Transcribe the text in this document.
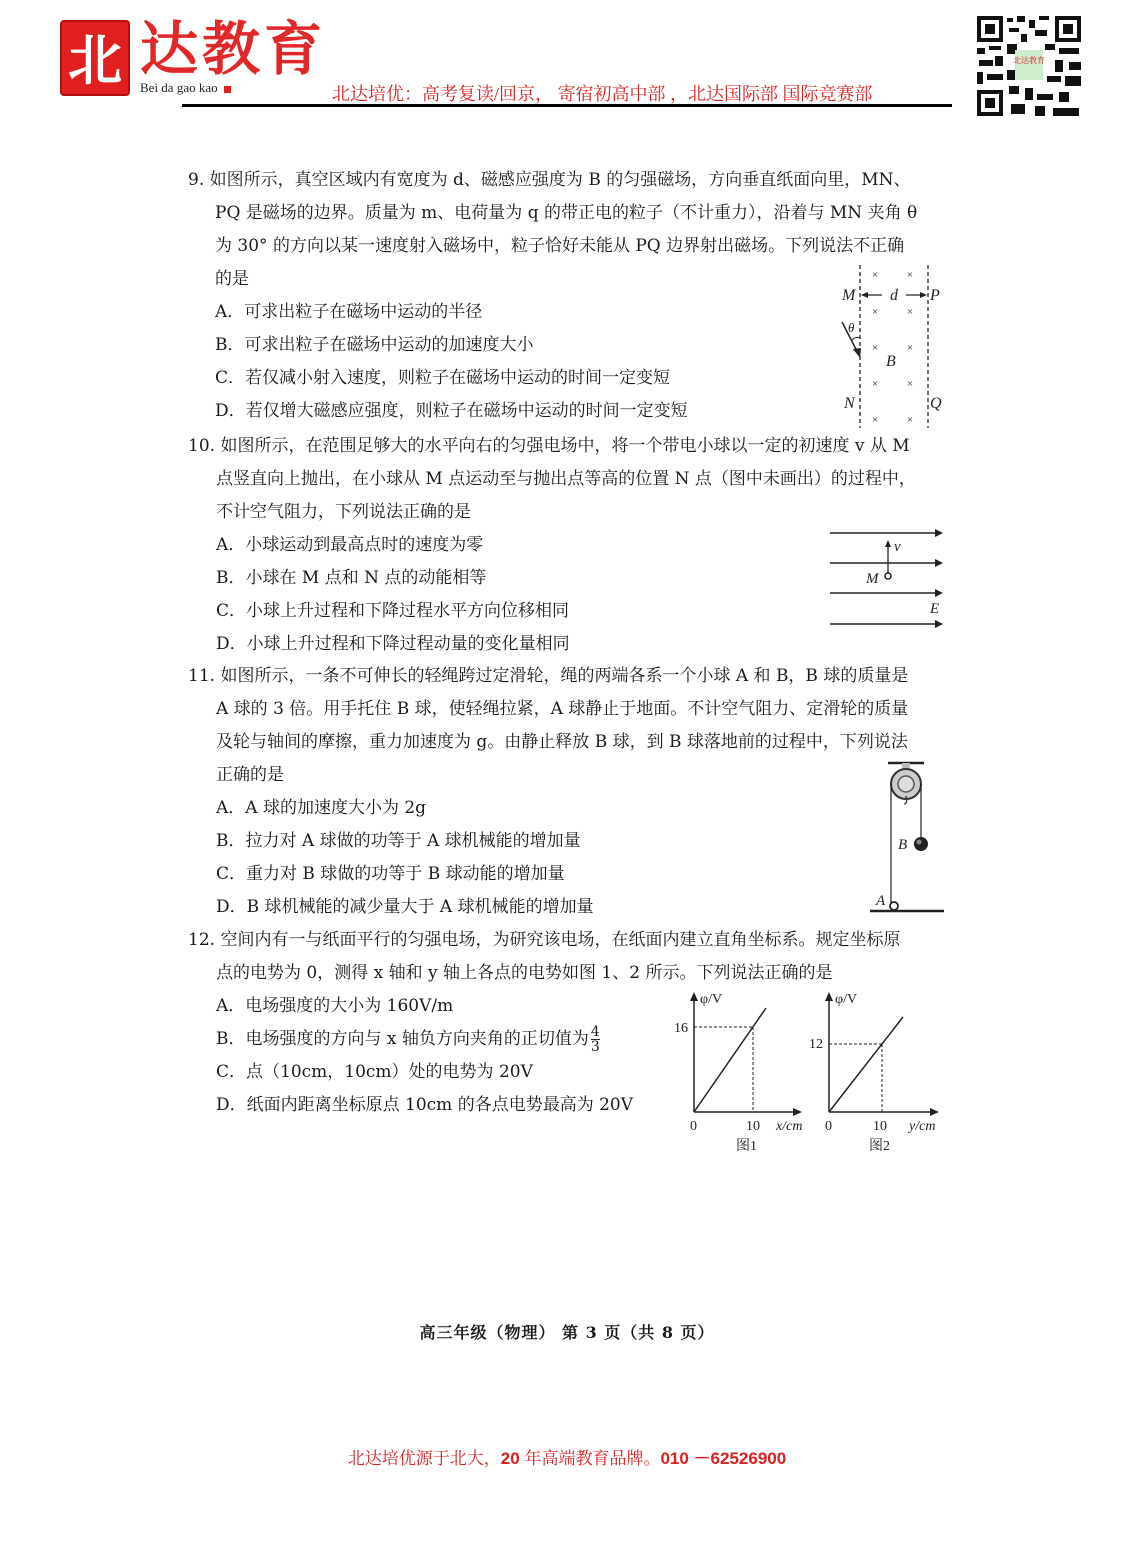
北 达教育
Bei da gao kao	北达培优：高考复读/回京， 寄宿初高中部 ，北达国际部 国际竞赛部
北达教育
9. 如图所示，真空区域内有宽度为 d、磁感应强度为 B 的匀强磁场，方向垂直纸面向里，MN、
PQ 是磁场的边界。质量为 m、电荷量为 q 的带正电的粒子（不计重力），沿着与 MN 夹角 θ
为 30° 的方向以某一速度射入磁场中，粒子恰好未能从 PQ 边界射出磁场。下列说法不正确
的是
A．可求出粒子在磁场中运动的半径
B．可求出粒子在磁场中运动的加速度大小
C．若仅减小射入速度，则粒子在磁场中运动的时间一定变短
D．若仅增大磁感应强度，则粒子在磁场中运动的时间一定变短
×	×
×	×
×	×
×	×
×	×
M	P
d
B
N	Q
θ
10. 如图所示，在范围足够大的水平向右的匀强电场中，将一个带电小球以一定的初速度 v 从 M
点竖直向上抛出，在小球从 M 点运动至与抛出点等高的位置 N 点（图中未画出）的过程中，
不计空气阻力，下列说法正确的是
A．小球运动到最高点时的速度为零
B．小球在 M 点和 N 点的动能相等
C．小球上升过程和下降过程水平方向位移相同
D．小球上升过程和下降过程动量的变化量相同
v
M
E
11. 如图所示，一条不可伸长的轻绳跨过定滑轮，绳的两端各系一个小球 A 和 B，B 球的质量是
A 球的 3 倍。用手托住 B 球，使轻绳拉紧，A 球静止于地面。不计空气阻力、定滑轮的质量
及轮与轴间的摩擦，重力加速度为 g。由静止释放 B 球，到 B 球落地前的过程中，下列说法
正确的是
A．A 球的加速度大小为 2g
B．拉力对 A 球做的功等于 A 球机械能的增加量
C．重力对 B 球做的功等于 B 球动能的增加量
D．B 球机械能的减少量大于 A 球机械能的增加量
B
A
12. 空间内有一与纸面平行的匀强电场，为研究该电场，在纸面内建立直角坐标系。规定坐标原
点的电势为 0，测得 x 轴和 y 轴上各点的电势如图 1、2 所示。下列说法正确的是
A．电场强度的大小为 160V/m
B．电场强度的方向与 x 轴负方向夹角的正切值为 $\frac{4}{3}$
C．点（10cm，10cm）处的电势为 20V
D．纸面内距离坐标原点 10cm 的各点电势最高为 20V
φ/V
16
0	10 x/cm
图1
φ/V
12
0	10 y/cm
图2
高三年级（物理） 第 3 页（共 8 页）
北达培优源于北大，20 年高端教育品牌。010 －62526900
